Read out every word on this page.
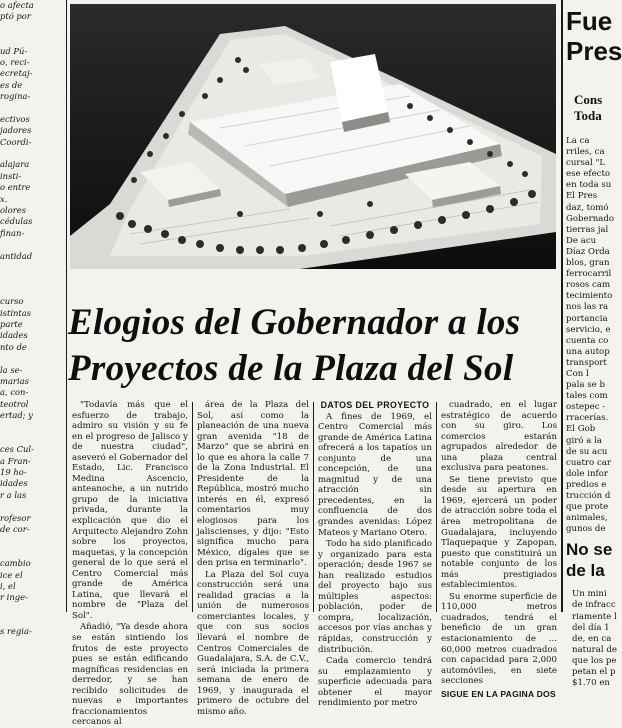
o afecta
ptó por
ud Pú-
o, reci-
ecretaj-
es de
rogina-
ectivos
jadores
Coordi-
alajara
insti-
o entre
x.
olores
cédulas
finan-
antidad
curso
istintas
parte
idades
nto de
la se-
marias
a, con-
teotrol
ertad; y
ces Cul-
a Fran-
19 ho-
idades
r a las
rofesor
de cor-
cambio
ice el
i, el
r inge-
s regia-
Elogios del Gobernador a los
Proyectos de la Plaza del Sol

"Todavía más que el esfuerzo de trabajo, admiro su visión y su fe en el progreso de Jalisco y de nuestra ciudad", aseveró el Gobernador del Estado, Lic. Francisco Medina Ascencio, anteanoche, a un nutrido grupo de la iniciativa privada, durante la explicación que dio el Arquitecto Alejandro Zohn sobre los proyectos, maquetas, y la concepción general de lo que será el Centro Comercial más grande de América Latina, que llevará el nombre de "Plaza del Sol".

Añadió, "Ya desde ahora se están sintiendo los frutos de este proyecto pues se están edificando magníficas residencias en derredor, y se han recibido solicitudes de nuevas e importantes fraccionamientos cercanos al

área de la Plaza del Sol, así como la planeación de una nueva gran avenida "18 de Marzo" que se abrirá en lo que es ahora la calle 7 de la Zona Industrial. El Presidente de la República, mostró mucho interés en él, expresó comentarios muy elogiosos para los jaliscienses, y dijo: "Esto significa mucho para México, dígales que se den prisa en terminarlo".

La Plaza del Sol cuya construcción será una realidad gracias a la unión de numerosos comerciantes locales, y que con sus socios llevará el nombre de Centros Comerciales de Guadalajara, S.A. de C.V., será iniciada la primera semana de enero de 1969, y inaugurada el primero de octubre del mismo año.

DATOS DEL PROYECTO

A fines de 1969, el Centro Comercial más grande de América Latina ofrecerá a los tapatíos un conjunto de una concepción, de una magnitud y de una atracción sin precedentes, en la confluencia de dos grandes avenidas: López Mateos y Mariano Otero.

Todo ha sido planificado y organizado para esta operación; desde 1967 se han realizado estudios del proyecto bajo sus múltiples aspectos: población, poder de compra, localización, accesos por vías anchas y rápidas, construcción y distribución.

Cada comercio tendrá su emplazamiento y superficie adecuada para obtener el mayor rendimiento por metro

cuadrado, en el lugar estratégico de acuerdo con su giro. Los comercios estarán agrupados alrededor de una plaza central exclusiva para peatones.

Se tiene previsto que desde su apertura en 1969, ejercerá un poder de atracción sobre toda el área metropolitana de Guadalajara, incluyendo Tlaquepaque y Zapopan, puesto que constituirá un notable conjunto de los más prestigiados establecimientos.

Su enorme superficie de 110,000 metros cuadrados, tendrá el beneficio de un gran estacionamiento de ... 60,000 metros cuadrados con capacidad para 2,000 automóviles, en siete secciones

SIGUE EN LA PAGINA DOS

Fue
Pres
Cons
Toda
La ca
rriles, ca
cursal "L
ese efecto
en toda su
El Pres
daz, tomó
Gobernado
tierras jal
De acu
Díaz Orda
blos, gran
ferrocarril
rosos cam
tecimiento
nos las ra
portancia
servicio, e
cuenta co
una autop
transport
Con l
pala se b
tales com
ostepec -
rracerías.
El Gob
giró a la
de su acu
cuatro car
dole infor
predios e
trucción d
que prote
animales,
gunos de
No se
de la
Un mini
de infracc
riamente l
del día 1
de, en ca
natural de
que los pe
petan el p
$1.70 en
